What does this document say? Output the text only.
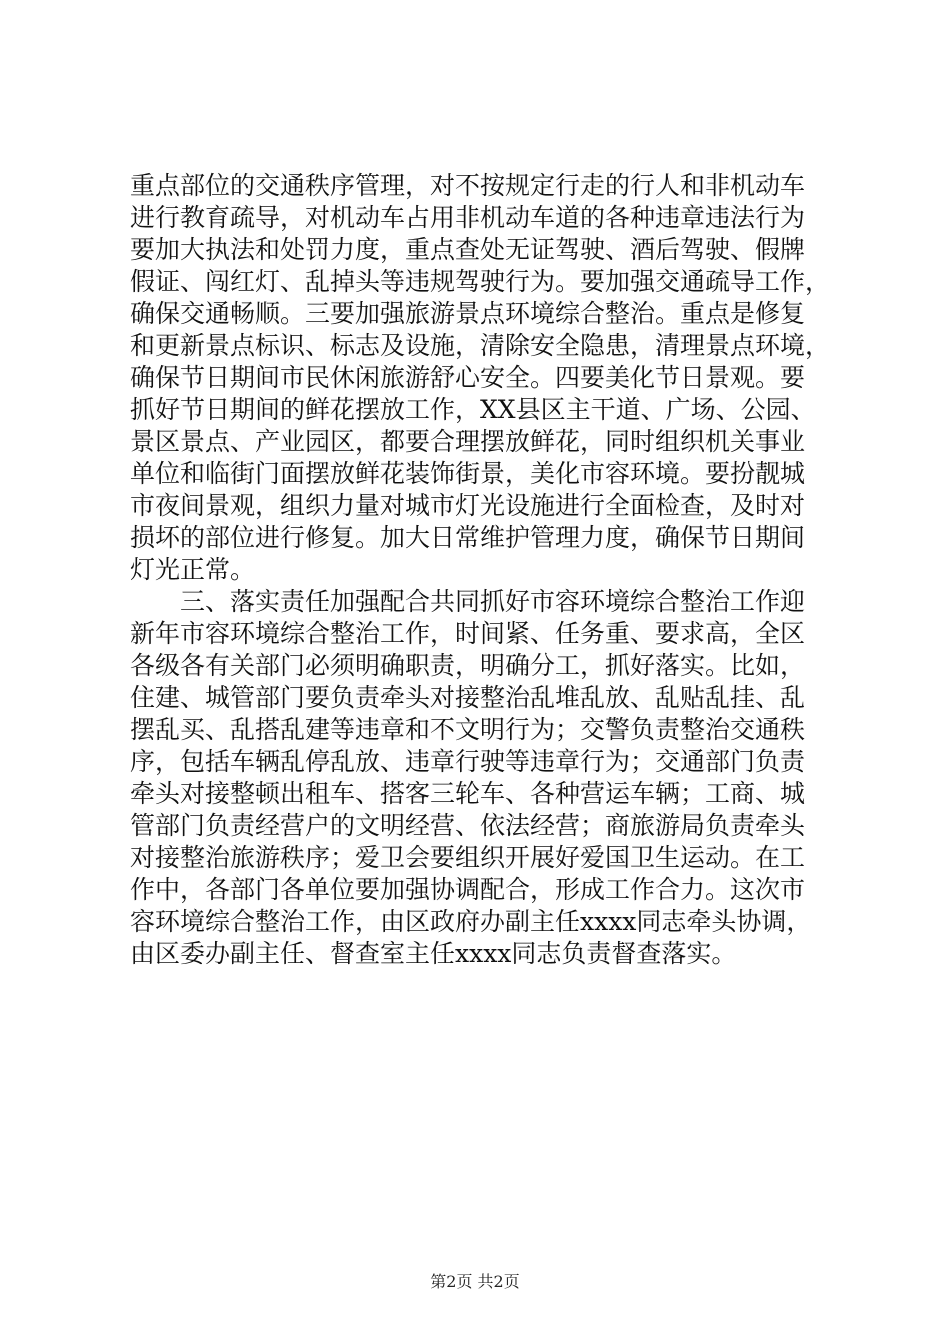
重点部位的交通秩序管理，对不按规定行走的行人和非机动车
进行教育疏导，对机动车占用非机动车道的各种违章违法行为
要加大执法和处罚力度，重点查处无证驾驶、酒后驾驶、假牌
假证、闯红灯、乱掉头等违规驾驶行为。要加强交通疏导工作，
确保交通畅顺。三要加强旅游景点环境综合整治。重点是修复
和更新景点标识、标志及设施，清除安全隐患，清理景点环境，
确保节日期间市民休闲旅游舒心安全。四要美化节日景观。要
抓好节日期间的鲜花摆放工作，XX县区主干道、广场、公园、
景区景点、产业园区，都要合理摆放鲜花，同时组织机关事业
单位和临街门面摆放鲜花装饰街景，美化市容环境。要扮靓城
市夜间景观，组织力量对城市灯光设施进行全面检查，及时对
损坏的部位进行修复。加大日常维护管理力度，确保节日期间
灯光正常。
三、落实责任加强配合共同抓好市容环境综合整治工作迎
新年市容环境综合整治工作，时间紧、任务重、要求高，全区
各级各有关部门必须明确职责，明确分工，抓好落实。比如，
住建、城管部门要负责牵头对接整治乱堆乱放、乱贴乱挂、乱
摆乱买、乱搭乱建等违章和不文明行为；交警负责整治交通秩
序，包括车辆乱停乱放、违章行驶等违章行为；交通部门负责
牵头对接整顿出租车、搭客三轮车、各种营运车辆；工商、城
管部门负责经营户的文明经营、依法经营；商旅游局负责牵头
对接整治旅游秩序；爱卫会要组织开展好爱国卫生运动。在工
作中，各部门各单位要加强协调配合，形成工作合力。这次市
容环境综合整治工作，由区政府办副主任xxxx同志牵头协调，
由区委办副主任、督查室主任xxxx同志负责督查落实。
第2页 共2页
